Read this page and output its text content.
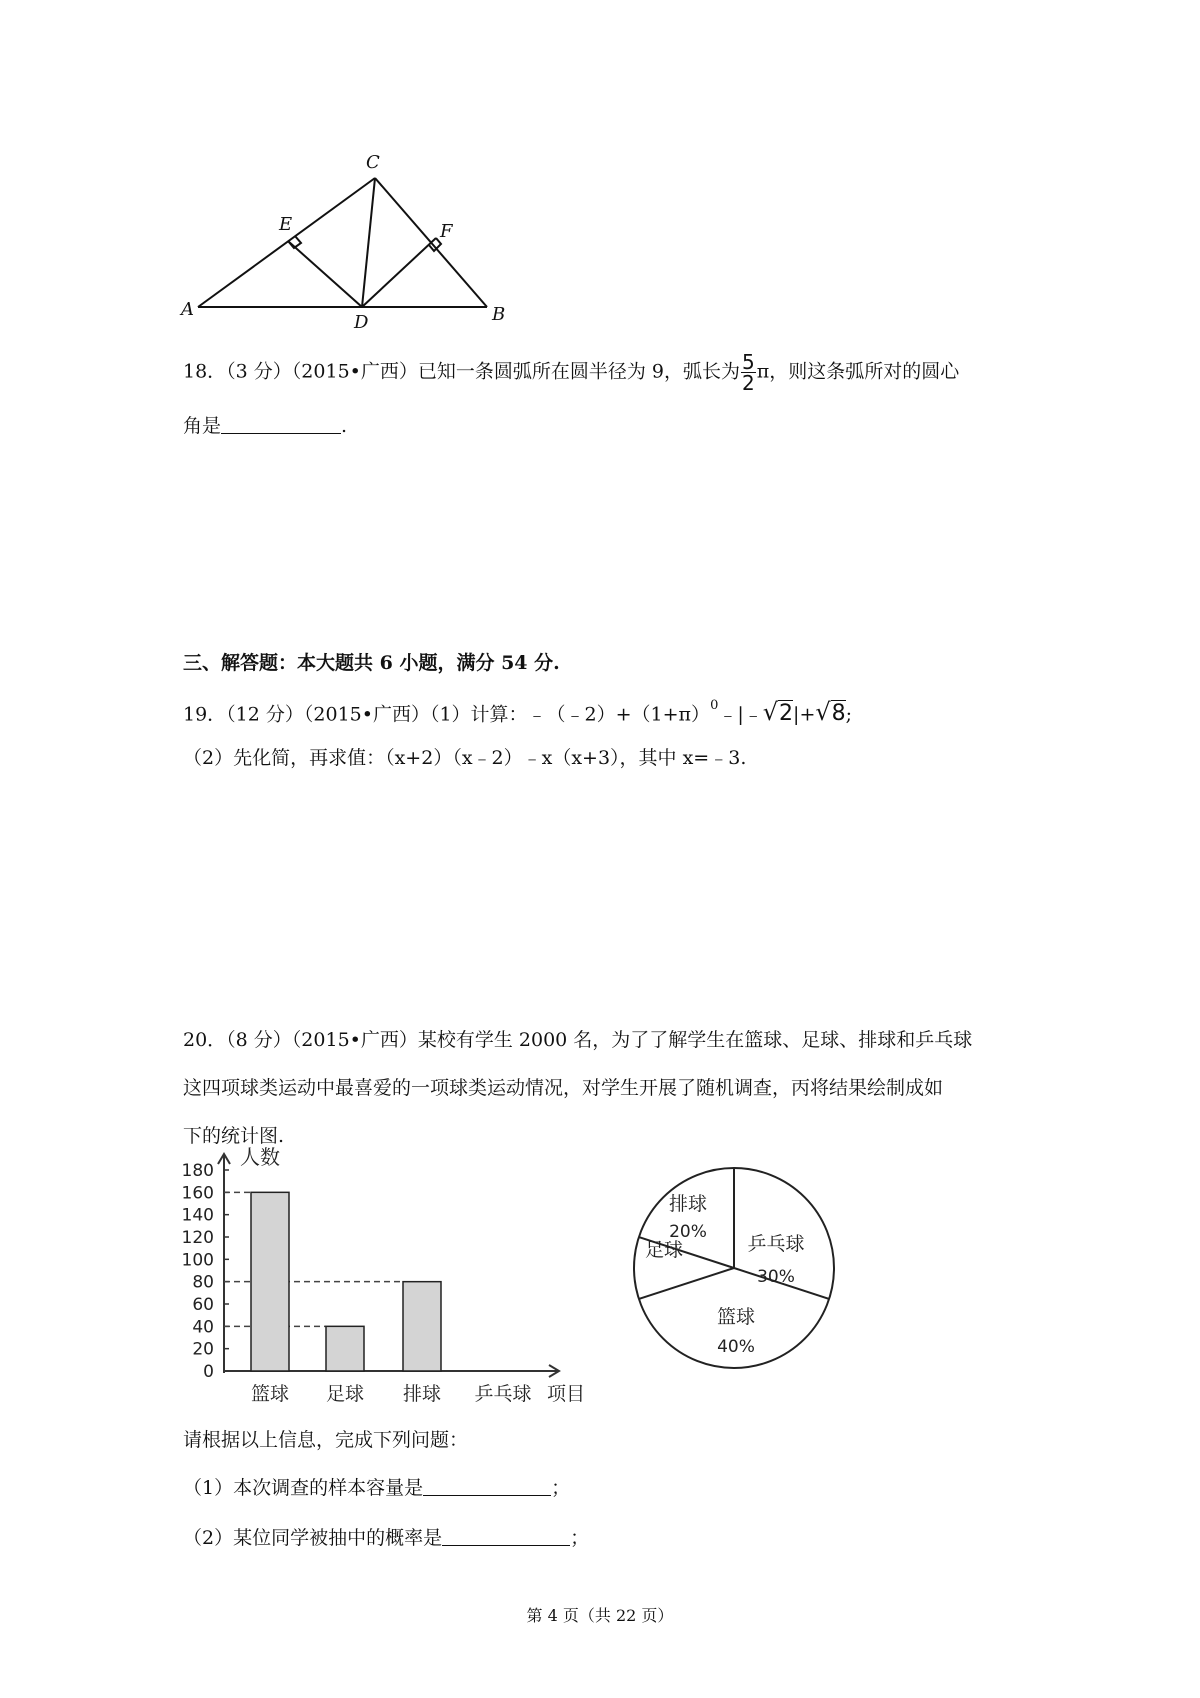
C
E	F
A
D	B
18．（3 分）（2015•广西）已知一条圆弧所在圆半径为 9，弧长为 $\frac{5}{2}$ π，则这条弧所对的圆心
角是	.
三、解答题：本大题共 6 小题，满分 54 分.
19．（12 分）（2015•广西）（1）计算：$﹣(﹣2)+(1+\pi)^0﹣|﹣√2|+√8$;
（2）先化简，再求值：（x+2）（x﹣2）﹣x（x+3），其中 x=﹣3.
20．（8 分）（2015•广西）某校有学生 2000 名，为了了解学生在篮球、足球、排球和乒乓球
这四项球类运动中最喜爱的一项球类运动情况，对学生开展了随机调查，丙将结果绘制成如
下的统计图.
人数
项目
0
20
40
60
80
100
120
140
160
180
篮球 足球 排球 乒乓球
乒乓球
30%
篮球
40%
足球
排球
20%
请根据以上信息，完成下列问题：
（1）本次调查的样本容量是	；
（2）某位同学被抽中的概率是	；
第 4 页（共 22 页）
